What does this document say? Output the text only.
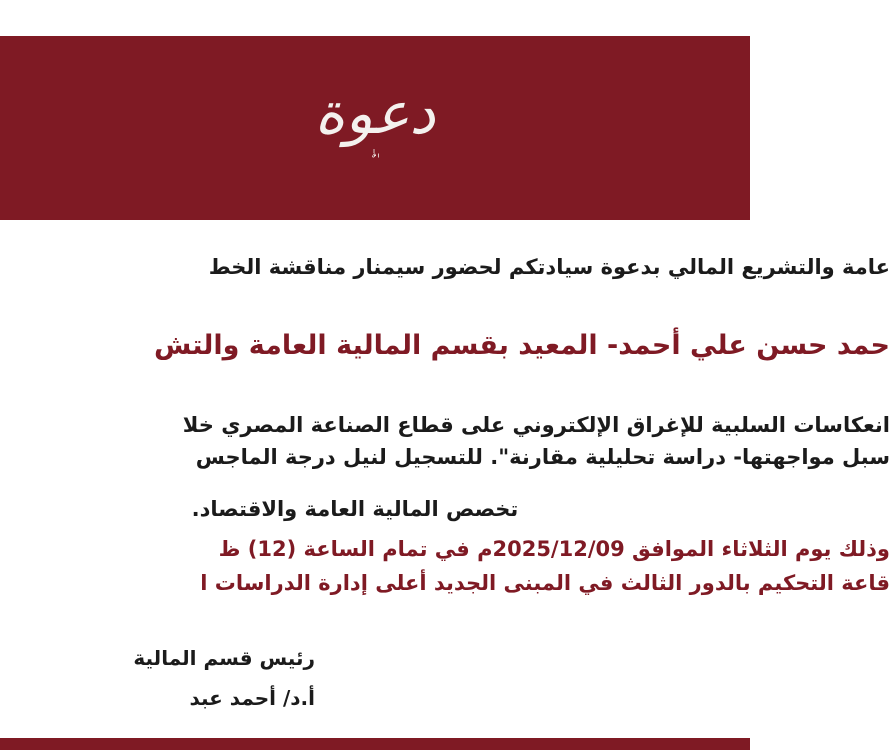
دعوة
ٰ ٌ ٰ
عامة والتشريع المالي بدعوة سيادتكم لحضور سيمنار مناقشة الخط
حمد حسن علي أحمد- المعيد بقسم المالية العامة والتش
انعكاسات السلبية للإغراق الإلكتروني على قطاع الصناعة المصري خلا
سبل مواجهتها- دراسة تحليلية مقارنة". للتسجيل لنيل درجة الماجس
تخصص المالية العامة والاقتصاد.
وذلك يوم الثلاثاء الموافق 2025/12/09م في تمام الساعة (12) ظ
قاعة التحكيم بالدور الثالث في المبنى الجديد أعلى إدارة الدراسات ا
رئيس قسم المالية
أ.د/ أحمد عبد
